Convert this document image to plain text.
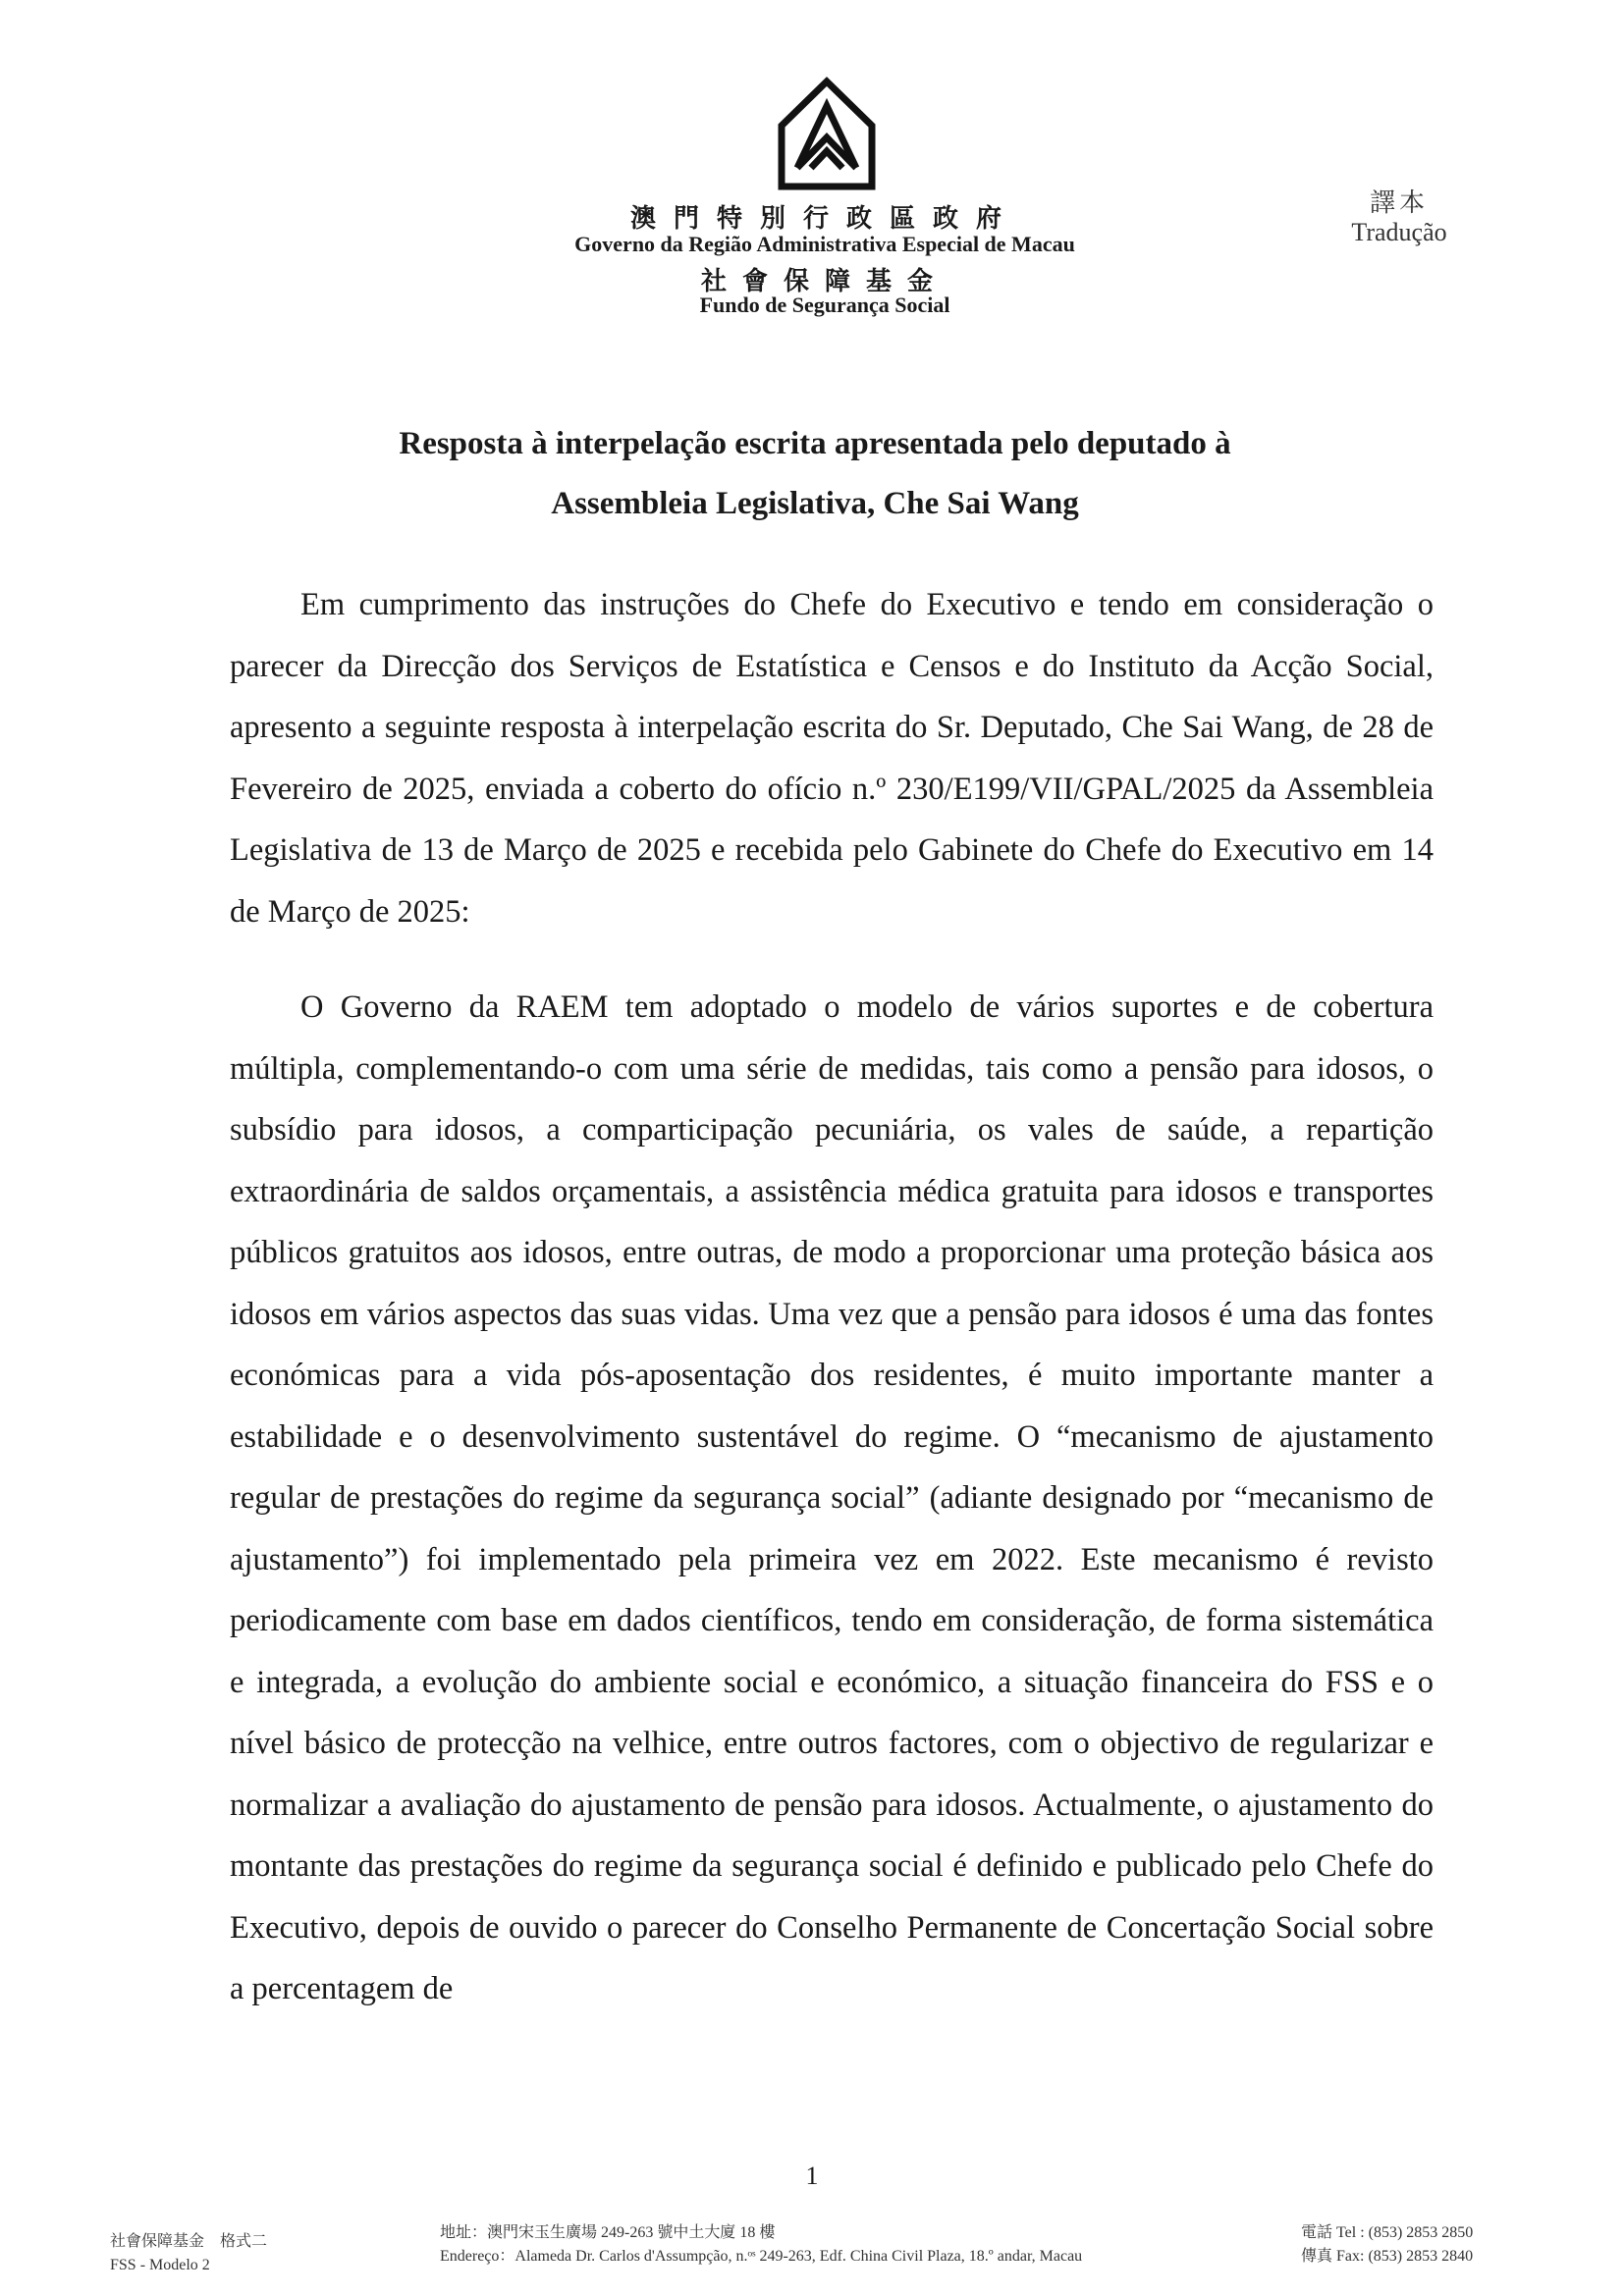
澳門特別行政區政府
Governo da Região Administrativa Especial de Macau
社會保障基金
Fundo de Segurança Social
譯本
Tradução
Resposta à interpelação escrita apresentada pelo deputado à
Assembleia Legislativa, Che Sai Wang

Em cumprimento das instruções do Chefe do Executivo e tendo em consideração o parecer da Direcção dos Serviços de Estatística e Censos e do Instituto da Acção Social, apresento a seguinte resposta à interpelação escrita do Sr. Deputado, Che Sai Wang, de 28 de Fevereiro de 2025, enviada a coberto do ofício n.º 230/E199/VII/GPAL/2025 da Assembleia Legislativa de 13 de Março de 2025 e recebida pelo Gabinete do Chefe do Executivo em 14 de Março de 2025:

O Governo da RAEM tem adoptado o modelo de vários suportes e de cobertura múltipla, complementando-o com uma série de medidas, tais como a pensão para idosos, o subsídio para idosos, a comparticipação pecuniária, os vales de saúde, a repartição extraordinária de saldos orçamentais, a assistência médica gratuita para idosos e transportes públicos gratuitos aos idosos, entre outras, de modo a proporcionar uma proteção básica aos idosos em vários aspectos das suas vidas. Uma vez que a pensão para idosos é uma das fontes económicas para a vida pós-aposentação dos residentes, é muito importante manter a estabilidade e o desenvolvimento sustentável do regime. O “mecanismo de ajustamento regular de prestações do regime da segurança social” (adiante designado por “mecanismo de ajustamento”) foi implementado pela primeira vez em 2022. Este mecanismo é revisto periodicamente com base em dados científicos, tendo em consideração, de forma sistemática e integrada, a evolução do ambiente social e económico, a situação financeira do FSS e o nível básico de protecção na velhice, entre outros factores, com o objectivo de regularizar e normalizar a avaliação do ajustamento de pensão para idosos. Actualmente, o ajustamento do montante das prestações do regime da segurança social é definido e publicado pelo Chefe do Executivo, depois de ouvido o parecer do Conselho Permanente de Concertação Social sobre a percentagem de

1
社會保障基金　格式二
FSS - Modelo 2
地址：澳門宋玉生廣場 249-263 號中土大廈 18 樓
Endereço：Alameda Dr. Carlos d'Assumpção, n.ᵒˢ 249-263, Edf. China Civil Plaza, 18.º andar, Macau
電話 Tel : (853) 2853 2850
傳真 Fax: (853) 2853 2840
